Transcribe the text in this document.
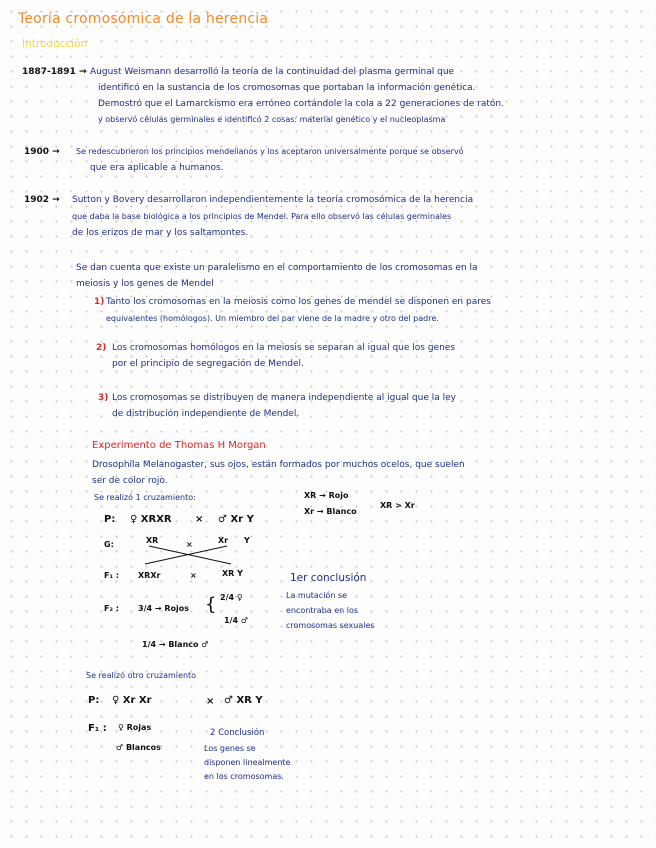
Teoría cromosómica de la herencia
Introducción
1887-1891 → August Weismann desarrolló la teoría de la continuidad del plasma germinal que
identificó en la sustancia de los cromosomas que portaban la información genética.
Demostró que el Lamarckismo era erróneo cortándole la cola a 22 generaciones de ratón.
y observó células germinales e identificó 2 cosas: material genético y el nucleoplasma
1900 → Se redescubrieron los principios mendelianos y los aceptaron universalmente porque se observó
que era aplicable a humanos.
1902 → Sutton y Bovery desarrollaron independientemente la teoría cromosómica de la herencia
que daba la base biológica a los principios de Mendel. Para ello observó las células germinales
de los erizos de mar y los saltamontes.
Se dan cuenta que existe un paralelismo en el comportamiento de los cromosomas en la
meiosis y los genes de Mendel
1) Tanto los cromosomas en la meiosis como los genes de mendel se disponen en pares
equivalentes (homólogos). Un miembro del par viene de la madre y otro del padre.
2) Los cromosomas homólogos en la meiosis se separan al igual que los genes
por el principio de segregación de Mendel.
3) Los cromosomas se distribuyen de manera independiente al igual que la ley
de distribución independiente de Mendel.
Experimento de Thomas H Morgan
Drosophila Melanogaster, sus ojos, están formados por muchos ocelos, que suelen
ser de color rojo.
Se realizó 1 cruzamiento:	XR → Rojo
Xr → Blanco
XR > Xr
P: ♀ XRXR × ♂ Xr Y
G:	XR	×	Xr Y
F₁ : XRXr	×	XR Y
F₂ : 3/4 → Rojos { 2/4 ♀
1/4 ♂
1/4 → Blanco ♂
1er conclusión
La mutación se
encontraba en los
cromosomas sexuales
Se realizó otro cruzamiento
P: ♀ Xr Xr	× ♂ XR Y
F₁ : ♀ Rojas
♂ Blancos
2 Conclusión
Los genes se
disponen linealmente
en los cromosomas.
